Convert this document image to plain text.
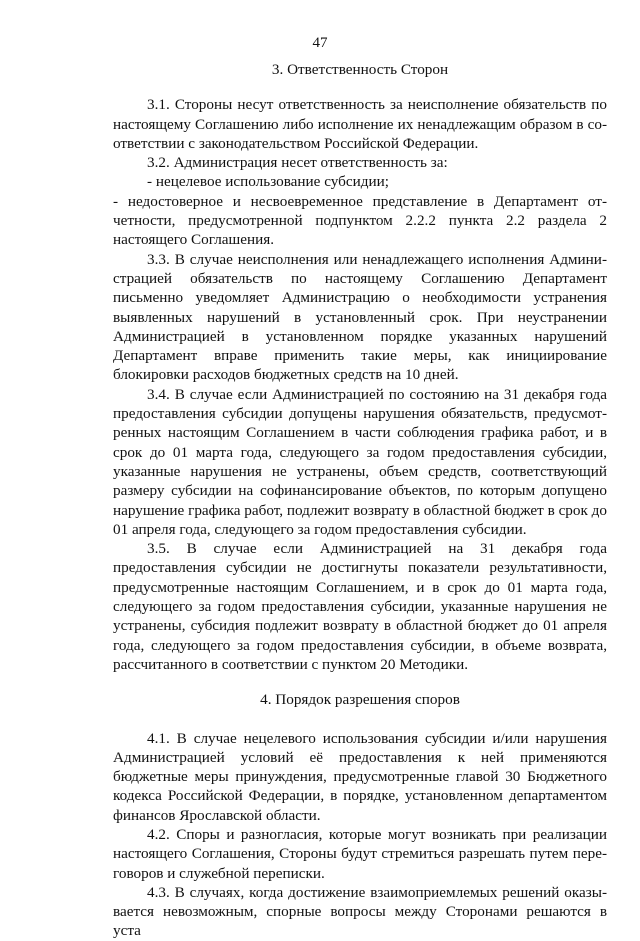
47
3. Ответственность Сторон

3.1. Стороны несут ответственность за неисполнение обязательств по настоящему Соглашению либо исполнение их ненадлежащим образом в соответствии с законодательством Российской Федерации.

3.2. Администрация несет ответственность за:

- нецелевое использование субсидии;

- недостоверное и несвоевременное представление в Департамент отчетности, предусмотренной подпунктом 2.2.2 пункта 2.2 раздела 2 настоящего Соглашения.

3.3. В случае неисполнения или ненадлежащего исполнения Администрацией обязательств по настоящему Соглашению Департамент письменно уведомляет Администрацию о необходимости устранения выявленных нарушений в установленный срок. При неустранении Администрацией в установленном порядке указанных нарушений Департамент вправе применить такие меры, как инициирование блокировки расходов бюджетных средств на 10 дней.

3.4. В случае если Администрацией по состоянию на 31 декабря года предоставления субсидии допущены нарушения обязательств, предусмотренных настоящим Соглашением в части соблюдения графика работ, и в срок до 01 марта года, следующего за годом предоставления субсидии, указанные нарушения не устранены, объем средств, соответствующий размеру субсидии на софинансирование объектов, по которым допущено нарушение графика работ, подлежит возврату в областной бюджет в срок до 01 апреля года, следующего за годом предоставления субсидии.

3.5. В случае если Администрацией на 31 декабря года предоставления субсидии не достигнуты показатели результативности, предусмотренные настоящим Соглашением, и в срок до 01 марта года, следующего за годом предоставления субсидии, указанные нарушения не устранены, субсидия подлежит возврату в областной бюджет до 01 апреля года, следующего за годом предоставления субсидии, в объеме возврата, рассчитанного в соответствии с пунктом 20 Методики.

4. Порядок разрешения споров

4.1. В случае нецелевого использования субсидии и/или нарушения Администрацией условий её предоставления к ней применяются бюджетные меры принуждения, предусмотренные главой 30 Бюджетного кодекса Российской Федерации, в порядке, установленном департаментом финансов Ярославской области.

4.2. Споры и разногласия, которые могут возникать при реализации настоящего Соглашения, Стороны будут стремиться разрешать путем переговоров и служебной переписки.

4.3. В случаях, когда достижение взаимоприемлемых решений оказывается невозможным, спорные вопросы между Сторонами решаются в уста
